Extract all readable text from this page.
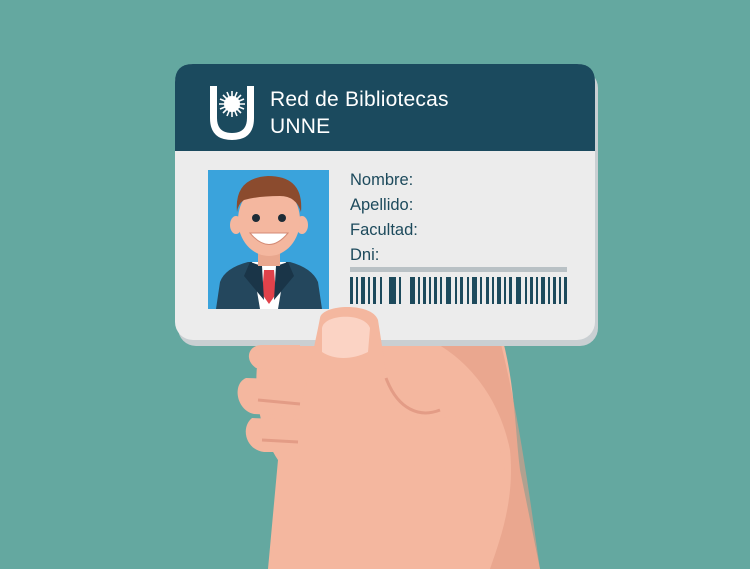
Red de Bibliotecas
UNNE
Nombre:
Apellido:
Facultad:
Dni:
